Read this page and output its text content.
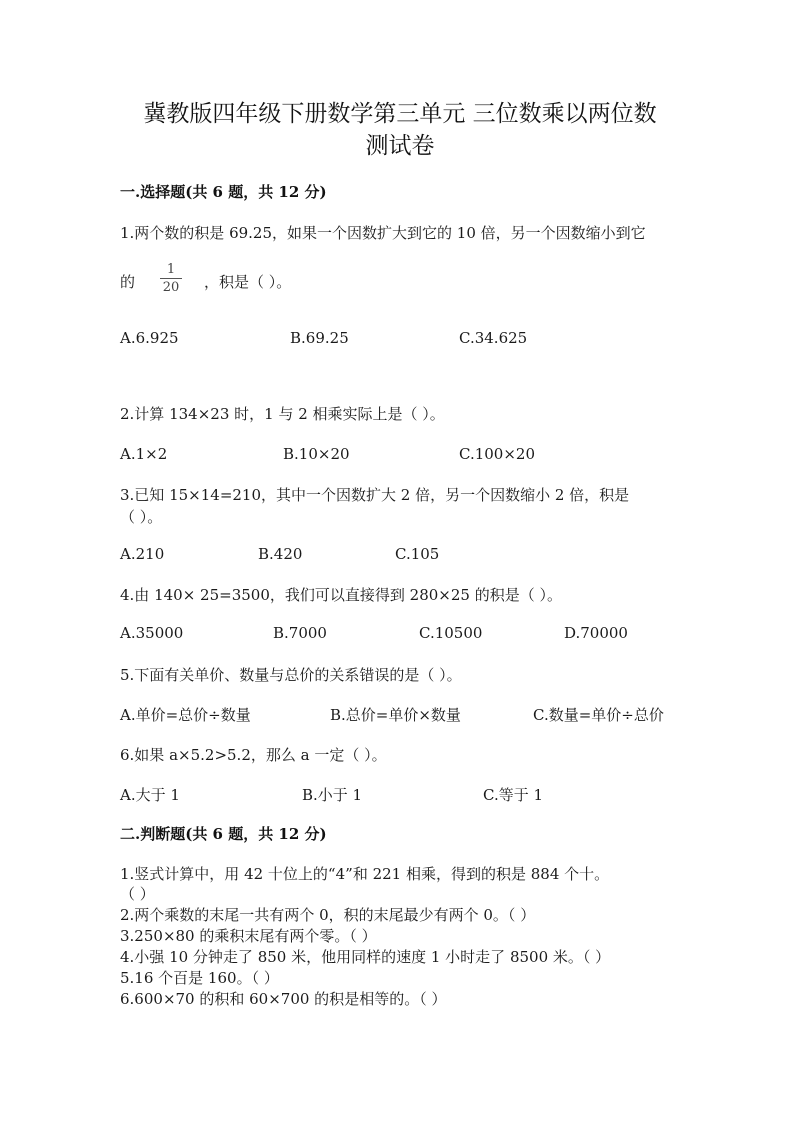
冀教版四年级下册数学第三单元 三位数乘以两位数
测试卷
一.选择题(共 6 题，共 12 分)
1.两个数的积是 69.25，如果一个因数扩大到它的 10 倍，另一个因数缩小到它
的
1
20 ，积是（ ）。
A.6.925	B.69.25	C.34.625
2.计算 134×23 时，1 与 2 相乘实际上是（ ）。
A.1×2	B.10×20	C.100×20
3.已知 15×14=210，其中一个因数扩大 2 倍，另一个因数缩小 2 倍，积是
（ ）。
A.210	B.420	C.105
4.由 140× 25=3500，我们可以直接得到 280×25 的积是（ ）。
A.35000	B.7000	C.10500	D.70000
5.下面有关单价、数量与总价的关系错误的是（ ）。
A.单价=总价÷数量	B.总价=单价×数量	C.数量=单价÷总价
6.如果 a×5.2>5.2，那么 a 一定（ ）。
A.大于 1	B.小于 1	C.等于 1
二.判断题(共 6 题，共 12 分)
1.竖式计算中，用 42 十位上的“4”和 221 相乘，得到的积是 884 个十。
（ ）
2.两个乘数的末尾一共有两个 0，积的末尾最少有两个 0。（ ）
3.250×80 的乘积末尾有两个零。（ ）
4.小强 10 分钟走了 850 米，他用同样的速度 1 小时走了 8500 米。（ ）
5.16 个百是 160。（ ）
6.600×70 的积和 60×700 的积是相等的。（ ）
